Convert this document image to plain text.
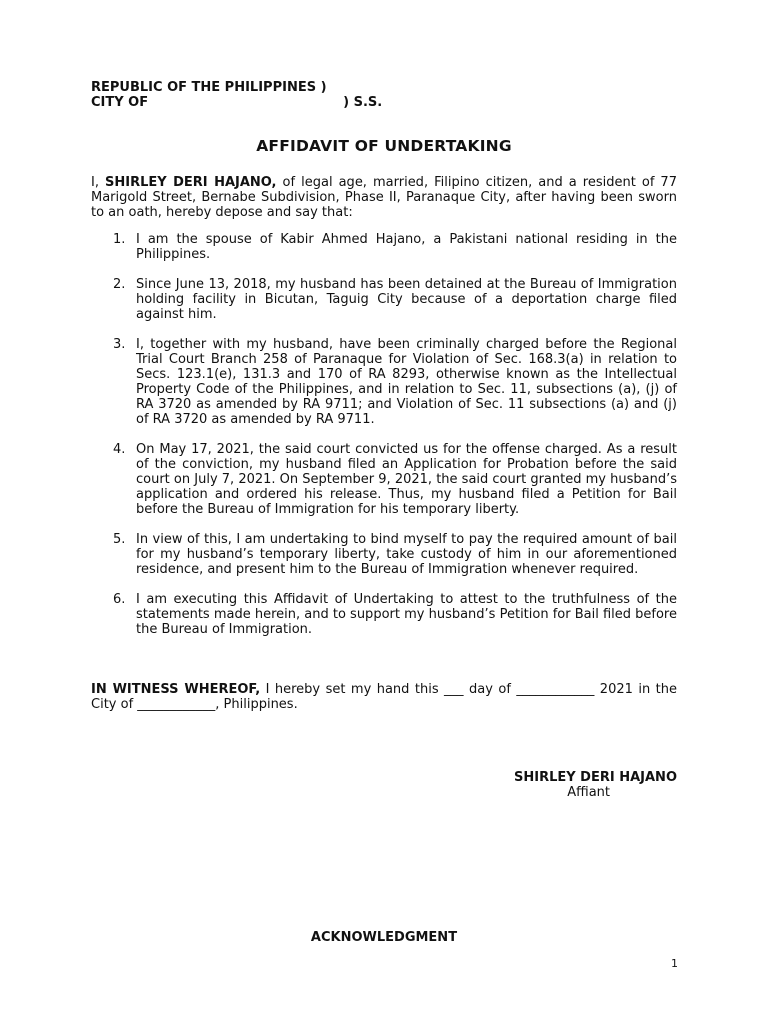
REPUBLIC OF THE PHILIPPINES )
CITY OF	) S.S.
AFFIDAVIT OF UNDERTAKING
I, SHIRLEY DERI HAJANO, of legal age, married, Filipino citizen, and a resident of 77 Marigold Street, Bernabe Subdivision, Phase II, Paranaque City, after having been sworn to an oath, hereby depose and say that:
1. I am the spouse of Kabir Ahmed Hajano, a Pakistani national residing in the Philippines.
2. Since June 13, 2018, my husband has been detained at the Bureau of Immigration holding facility in Bicutan, Taguig City because of a deportation charge filed against him.
3. I, together with my husband, have been criminally charged before the Regional Trial Court Branch 258 of Paranaque for Violation of Sec. 168.3(a) in relation to Secs. 123.1(e), 131.3 and 170 of RA 8293, otherwise known as the Intellectual Property Code of the Philippines, and in relation to Sec. 11, subsections (a), (j) of RA 3720 as amended by RA 9711; and Violation of Sec. 11 subsections (a) and (j) of RA 3720 as amended by RA 9711.
4. On May 17, 2021, the said court convicted us for the offense charged. As a result of the conviction, my husband filed an Application for Probation before the said court on July 7, 2021. On September 9, 2021, the said court granted my husband’s application and ordered his release. Thus, my husband filed a Petition for Bail before the Bureau of Immigration for his temporary liberty.
5. In view of this, I am undertaking to bind myself to pay the required amount of bail for my husband’s temporary liberty, take custody of him in our aforementioned residence, and present him to the Bureau of Immigration whenever required.
6. I am executing this Affidavit of Undertaking to attest to the truthfulness of the statements made herein, and to support my husband’s Petition for Bail filed before the Bureau of Immigration.
IN WITNESS WHEREOF, I hereby set my hand this ___ day of ____________ 2021 in the City of ____________, Philippines.
SHIRLEY DERI HAJANO
Affiant
ACKNOWLEDGMENT
1
